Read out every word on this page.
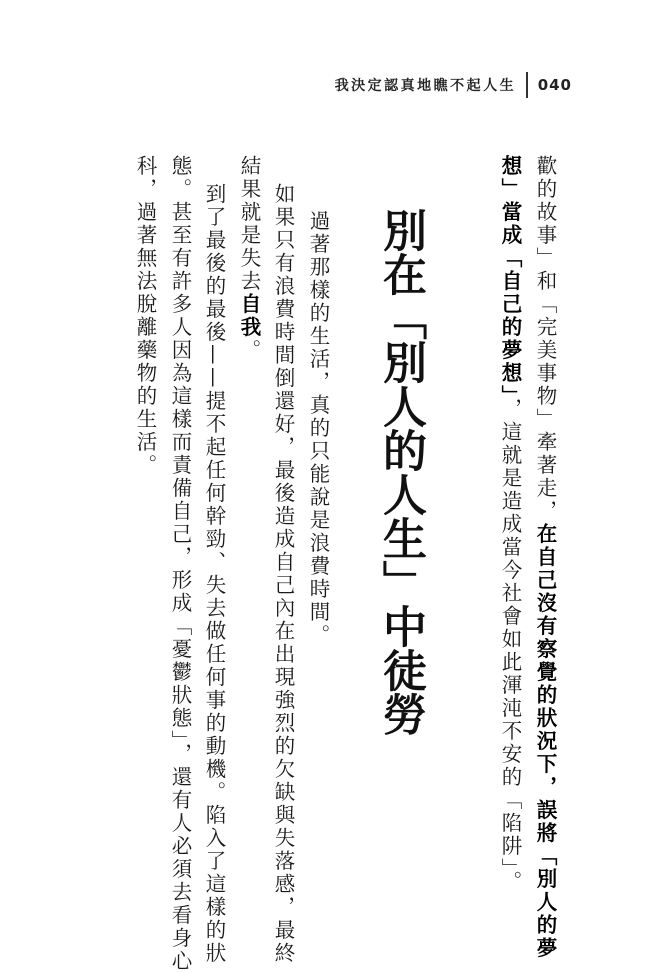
我決定認真地瞧不起人生 040
歡的故事」和「完美事物」牽著走，在自己沒有察覺的狀況下，誤將「別人的夢
想」當成「自己的夢想」，這就是造成當今社會如此渾沌不安的「陷阱」。
別在「別人的人生」中徒勞
過著那樣的生活，真的只能說是浪費時間。
如果只有浪費時間倒還好，最後造成自己內在出現強烈的欠缺與失落感，最終
結果就是失去自我。
到了最後的最後——提不起任何幹勁、失去做任何事的動機。陷入了這樣的狀
態。甚至有許多人因為這樣而責備自己，形成「憂鬱狀態」，還有人必須去看身心
科，過著無法脫離藥物的生活。
